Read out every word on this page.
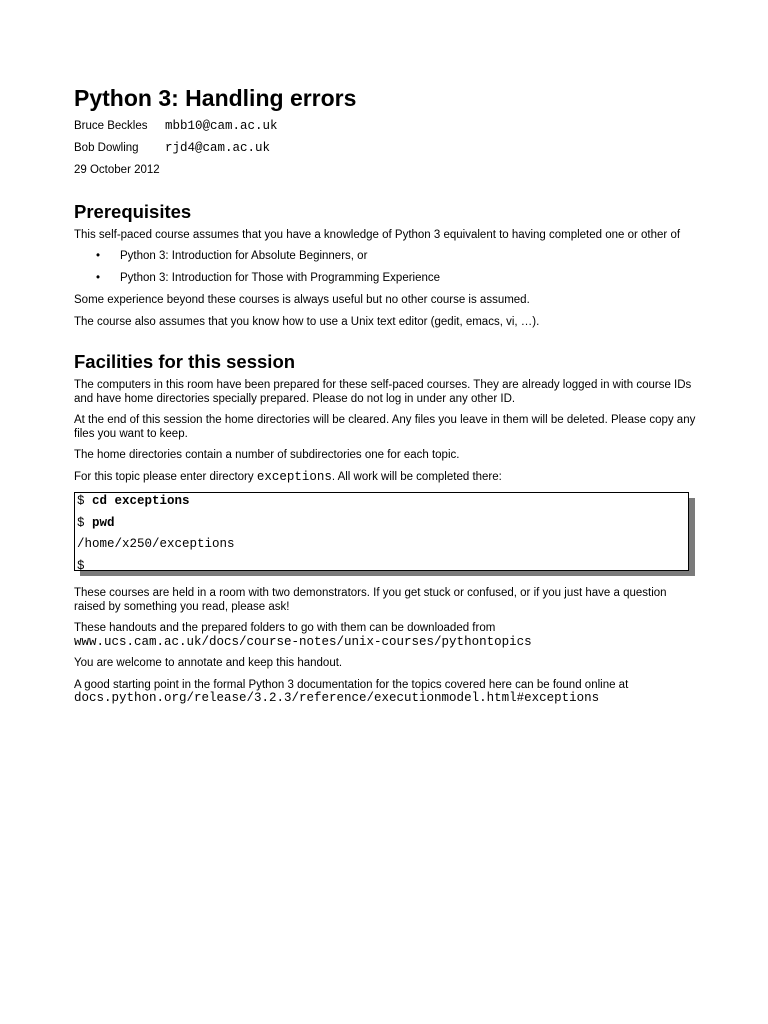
Python 3: Handling errors
Bruce Beckles	mbb10@cam.ac.uk
Bob Dowling	rjd4@cam.ac.uk
29 October 2012
Prerequisites

This self-paced course assumes that you have a knowledge of Python 3 equivalent to having completed one or other of

• Python 3: Introduction for Absolute Beginners, or
• Python 3: Introduction for Those with Programming Experience

Some experience beyond these courses is always useful but no other course is assumed.

The course also assumes that you know how to use a Unix text editor (gedit, emacs, vi, …).

Facilities for this session

The computers in this room have been prepared for these self-paced courses. They are already logged in with course IDs and have home directories specially prepared. Please do not log in under any other ID.

At the end of this session the home directories will be cleared. Any files you leave in them will be deleted. Please copy any files you want to keep.

The home directories contain a number of subdirectories one for each topic.

For this topic please enter directory exceptions. All work will be completed there:

$ cd exceptions
$ pwd
/home/x250/exceptions
$

These courses are held in a room with two demonstrators. If you get stuck or confused, or if you just have a question raised by something you read, please ask!

These handouts and the prepared folders to go with them can be downloaded from
www.ucs.cam.ac.uk/docs/course-notes/unix-courses/pythontopics

You are welcome to annotate and keep this handout.

A good starting point in the formal Python 3 documentation for the topics covered here can be found online at
docs.python.org/release/3.2.3/reference/executionmodel.html#exceptions
